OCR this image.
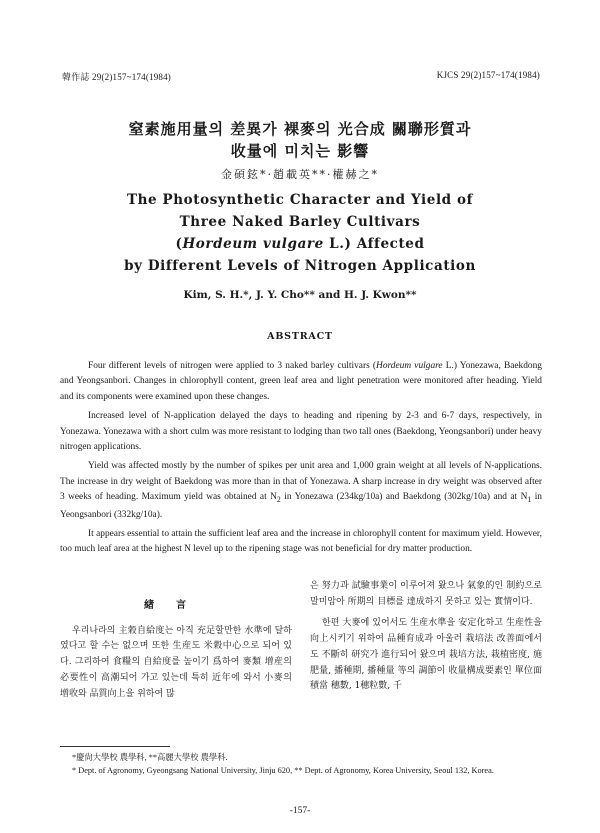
韓作誌 29(2)157~174(1984)	KJCS 29(2)157~174(1984)
窒素施用量의 差異가 裸麥의 光合成 關聯形質과
收量에 미치는 影響
金碩鉉*·趙載英**·權赫之*
The Photosynthetic Character and Yield of
Three Naked Barley Cultivars
(Hordeum vulgare L.) Affected
by Different Levels of Nitrogen Application
Kim, S. H.*, J. Y. Cho** and H. J. Kwon**
ABSTRACT

Four different levels of nitrogen were applied to 3 naked barley cultivars (Hordeum vulgare L.) Yonezawa, Baekdong and Yeongsanbori. Changes in chlorophyll content, green leaf area and light penetration were monitored after heading. Yield and its components were examined upon these changes.

Increased level of N-application delayed the days to heading and ripening by 2-3 and 6-7 days, respectively, in Yonezawa. Yonezawa with a short culm was more resistant to lodging than two tall ones (Baekdong, Yeongsanbori) under heavy nitrogen applications.

Yield was affected mostly by the number of spikes per unit area and 1,000 grain weight at all levels of N-applications. The increase in dry weight of Baekdong was more than in that of Yonezawa. A sharp increase in dry weight was observed after 3 weeks of heading. Maximum yield was obtained at $N_2$ in Yonezawa (234kg/10a) and Baekdong (302kg/10a) and at $N_1$ in Yeongsanbori (332kg/10a).

It appears essential to attain the sufficient leaf area and the increase in chlorophyll content for maximum yield. However, too much leaf area at the highest N level up to the ripening stage was not beneficial for dry matter production.

緖言

우리나라의 主穀自給度는 아직 充足할만한 水準에 달하였다고 할 수는 없으며 또한 生産도 米穀中心으로 되어 있다. 그리하여 食糧의 自給度를 높이기 爲하여 麥類 增産의 必要性이 高潮되어 가고 있는데 특히 近年에 와서 小麥의 增收와 品質向上을 위하여 많

은 努力과 試驗事業이 이루어져 왔으나 氣象的인 制約으로 말미암아 所期의 目標를 達成하지 못하고 있는 實情이다.

한편 大麥에 있어서도 生産水準을 安定化하고 生産性을 向上시키기 위하여 品種育成과 아울러 栽培法 改善面에서도 不斷히 研究가 進行되어 왔으며 栽培方法, 栽植密度, 施肥量, 播種期, 播種量 等의 調節이 收量構成要素인 單位面積當 穗數, 1穗粒數, 千

*慶尙大學校 農學科, **高麗大學校 農學科.

* Dept. of Agronomy, Gyeongsang National University, Jinju 620, ** Dept. of Agronomy, Korea University, Seoul 132, Korea.

-157-
